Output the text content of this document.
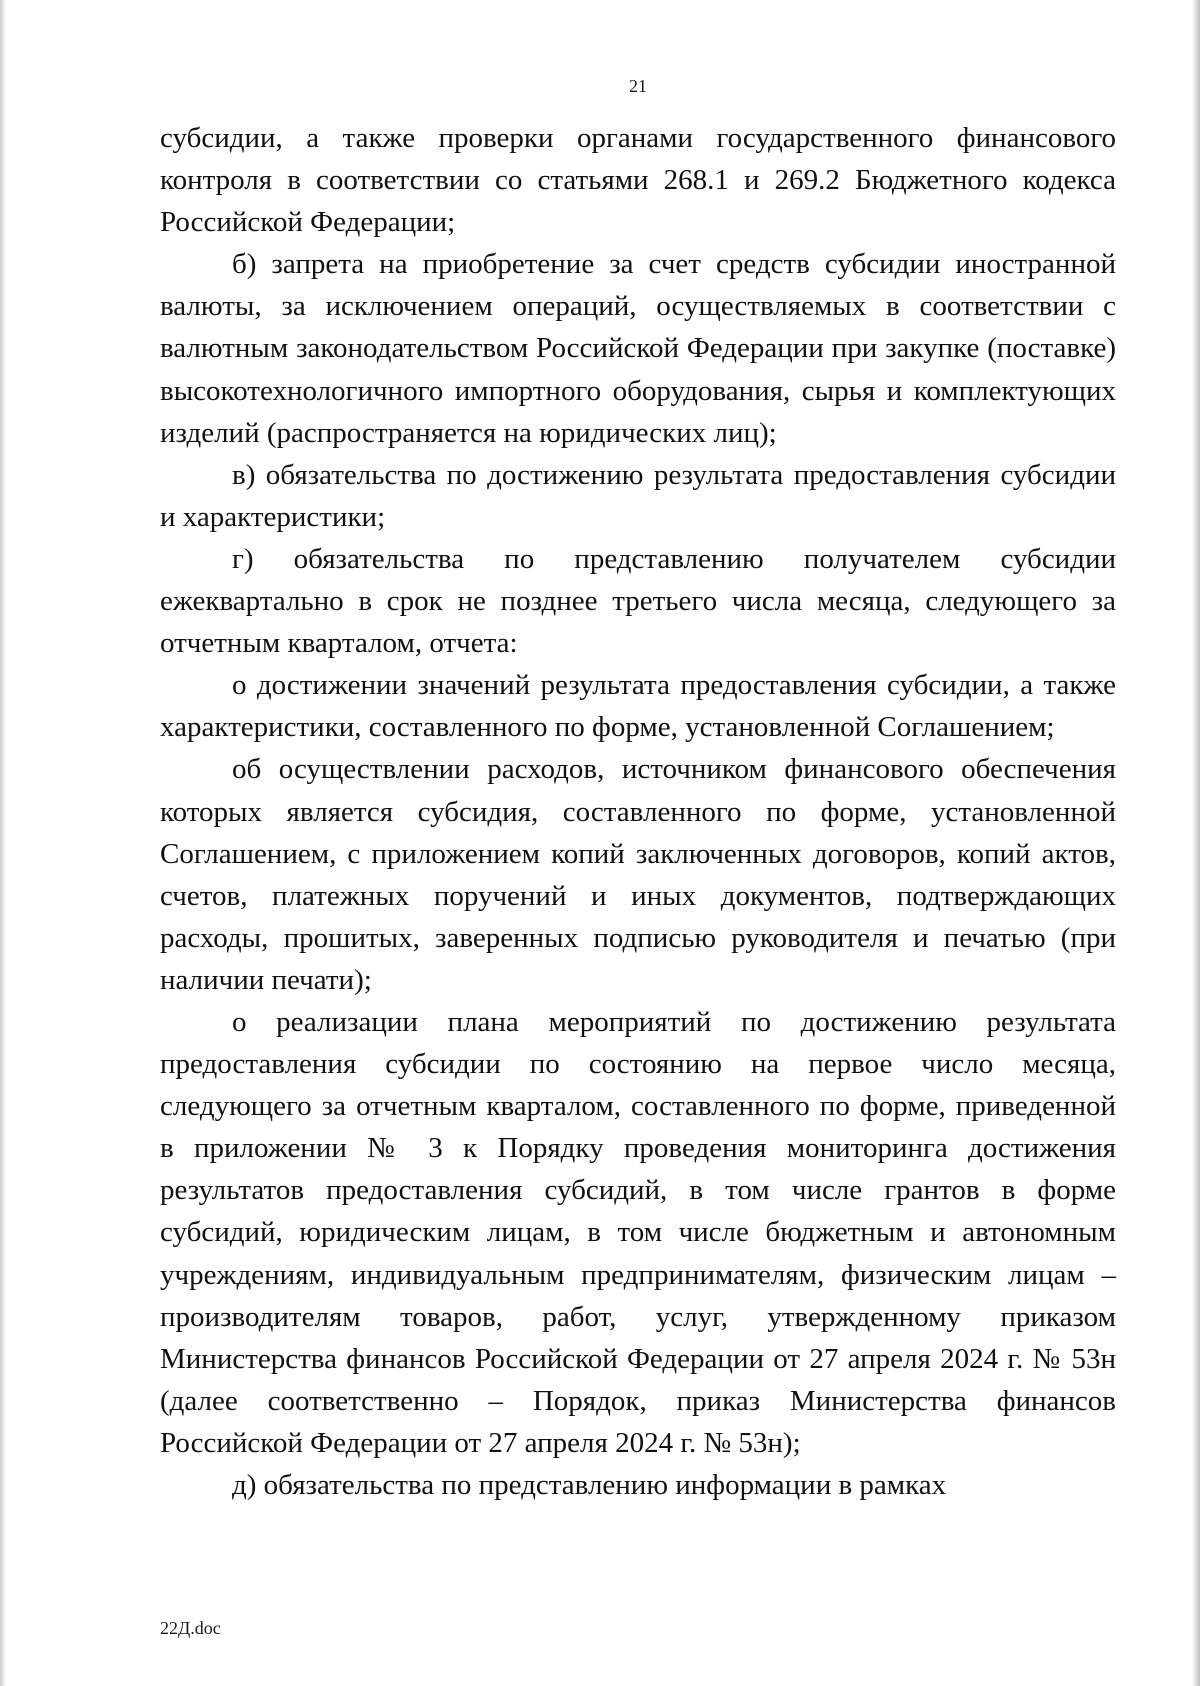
21

субсидии, а также проверки органами государственного финансового контроля в соответствии со статьями 268.1 и 269.2 Бюджетного кодекса Российской Федерации;

б) запрета на приобретение за счет средств субсидии иностранной валюты, за исключением операций, осуществляемых в соответствии с валютным законодательством Российской Федерации при закупке (поставке) высокотехнологичного импортного оборудования, сырья и комплектующих изделий (распространяется на юридических лиц);

в) обязательства по достижению результата предоставления субсидии и характеристики;

г) обязательства по представлению получателем субсидии ежеквартально в срок не позднее третьего числа месяца, следующего за отчетным кварталом, отчета:

о достижении значений результата предоставления субсидии, а также характеристики, составленного по форме, установленной Соглашением;

об осуществлении расходов, источником финансового обеспечения которых является субсидия, составленного по форме, установленной Соглашением, с приложением копий заключенных договоров, копий актов, счетов, платежных поручений и иных документов, подтверждающих расходы, прошитых, заверенных подписью руководителя и печатью (при наличии печати);

о реализации плана мероприятий по достижению результата предоставления субсидии по состоянию на первое число месяца, следующего за отчетным кварталом, составленного по форме, приведенной в приложении № 3 к Порядку проведения мониторинга достижения результатов предоставления субсидий, в том числе грантов в форме субсидий, юридическим лицам, в том числе бюджетным и автономным учреждениям, индивидуальным предпринимателям, физическим лицам – производителям товаров, работ, услуг, утвержденному приказом Министерства финансов Российской Федерации от 27 апреля 2024 г. № 53н (далее соответственно – Порядок, приказ Министерства финансов Российской Федерации от 27 апреля 2024 г. № 53н);

д) обязательства по представлению информации в рамках

22Д.doc
